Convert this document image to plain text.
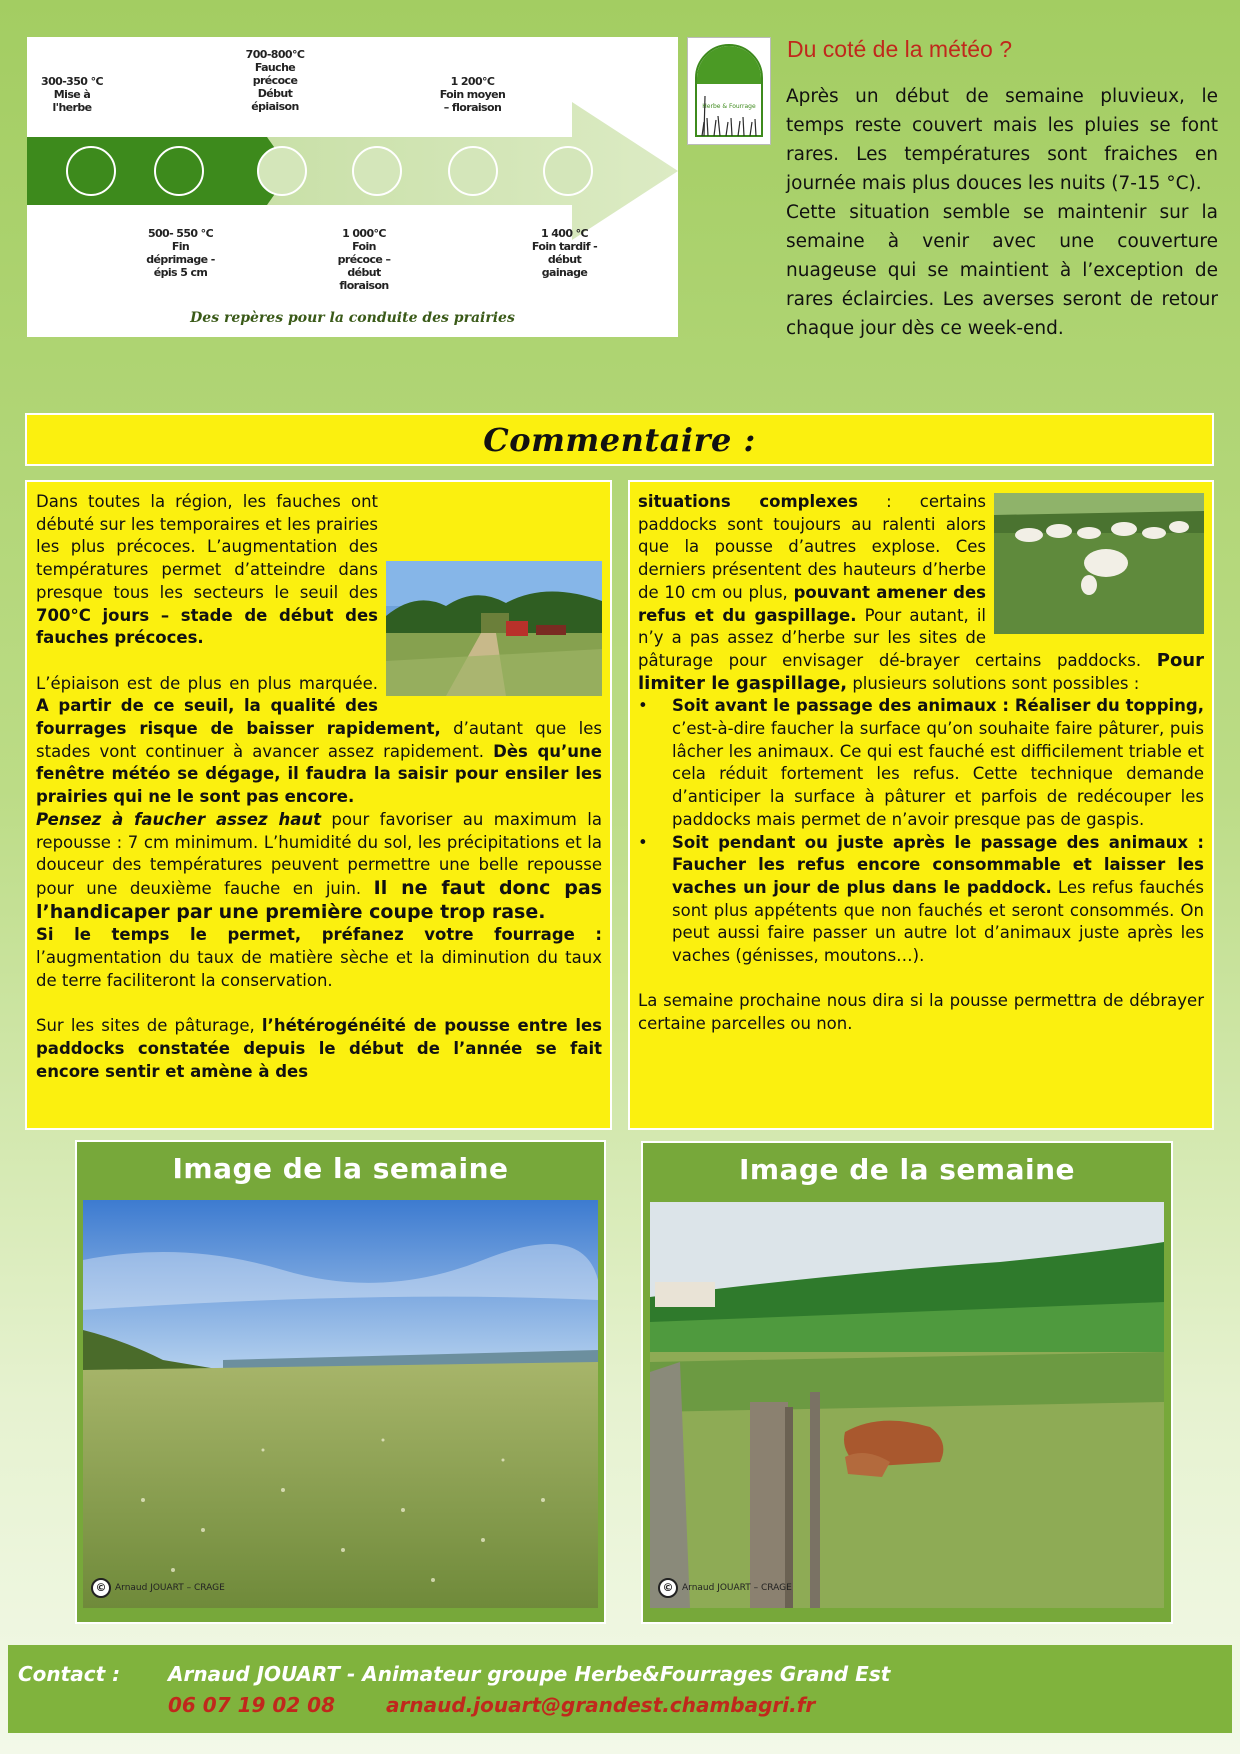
300-350 °C
Mise à
l'herbe
700-800°C
Fauche
précoce
Début
épiaison
1 200°C
Foin moyen
– floraison
500- 550 °C
Fin
déprimage -
épis 5 cm
1 000°C
Foin
précoce –
début
floraison
1 400 °C
Foin tardif -
début
gainage
Des repères pour la conduite des prairies
Herbe & Fourrage
Du coté de la météo ?
Après un début de semaine pluvieux, le temps reste couvert mais les pluies se font rares. Les températures sont fraiches en journée mais plus douces les nuits (7-15 °C).
Cette situation semble se maintenir sur la semaine à venir avec une couverture nuageuse qui se maintient à l’exception de rares éclaircies. Les averses seront de retour chaque jour dès ce week-end.
Commentaire :

Dans toutes la région, les fauches ont débuté sur les temporaires et les prairies les plus précoces. L’augmentation des températures permet d’atteindre dans presque tous les secteurs le seuil des 700°C jours – stade de début des fauches précoces.

L’épiaison est de plus en plus marquée. A partir de ce seuil, la qualité des fourrages risque de baisser rapidement, d’autant que les stades vont continuer à avancer assez rapidement. Dès qu’une fenêtre météo se dégage, il faudra la saisir pour ensiler les prairies qui ne le sont pas encore.

Pensez à faucher assez haut pour favoriser au maximum la repousse : 7 cm minimum. L’humidité du sol, les précipitations et la douceur des températures peuvent permettre une belle repousse pour une deuxième fauche en juin. Il ne faut donc pas l’handicaper par une première coupe trop rase.

Si le temps le permet, préfanez votre fourrage : l’augmentation du taux de matière sèche et la diminution du taux de terre faciliteront la conservation.

Sur les sites de pâturage, l’hétérogénéité de pousse entre les paddocks constatée depuis le début de l’année se fait encore sentir et amène à des

situations complexes : certains paddocks sont toujours au ralenti alors que la pousse d’autres explose. Ces derniers présentent des hauteurs d’herbe de 10 cm ou plus, pouvant amener des refus et du gaspillage. Pour autant, il n’y a pas assez d’herbe sur les sites de pâturage pour envisager dé-brayer certains paddocks. Pour limiter le gaspillage, plusieurs solutions sont possibles :

• Soit avant le passage des animaux : Réaliser du topping, c’est-à-dire faucher la surface qu’on souhaite faire pâturer, puis lâcher les animaux. Ce qui est fauché est difficilement triable et cela réduit fortement les refus. Cette technique demande d’anticiper la surface à pâturer et parfois de redécouper les paddocks mais permet de n’avoir presque pas de gaspis.
• Soit pendant ou juste après le passage des animaux : Faucher les refus encore consommable et laisser les vaches un jour de plus dans le paddock. Les refus fauchés sont plus appétents que non fauchés et seront consommés. On peut aussi faire passer un autre lot d’animaux juste après les vaches (génisses, moutons…).

La semaine prochaine nous dira si la pousse permettra de débrayer certaine parcelles ou non.

Image de la semaine
© Arnaud JOUART – CRAGE
Image de la semaine
© Arnaud JOUART – CRAGE
Contact : Arnaud JOUART - Animateur groupe Herbe&Fourrages Grand Est
06 07 19 02 08	arnaud.jouart@grandest.chambagri.fr
